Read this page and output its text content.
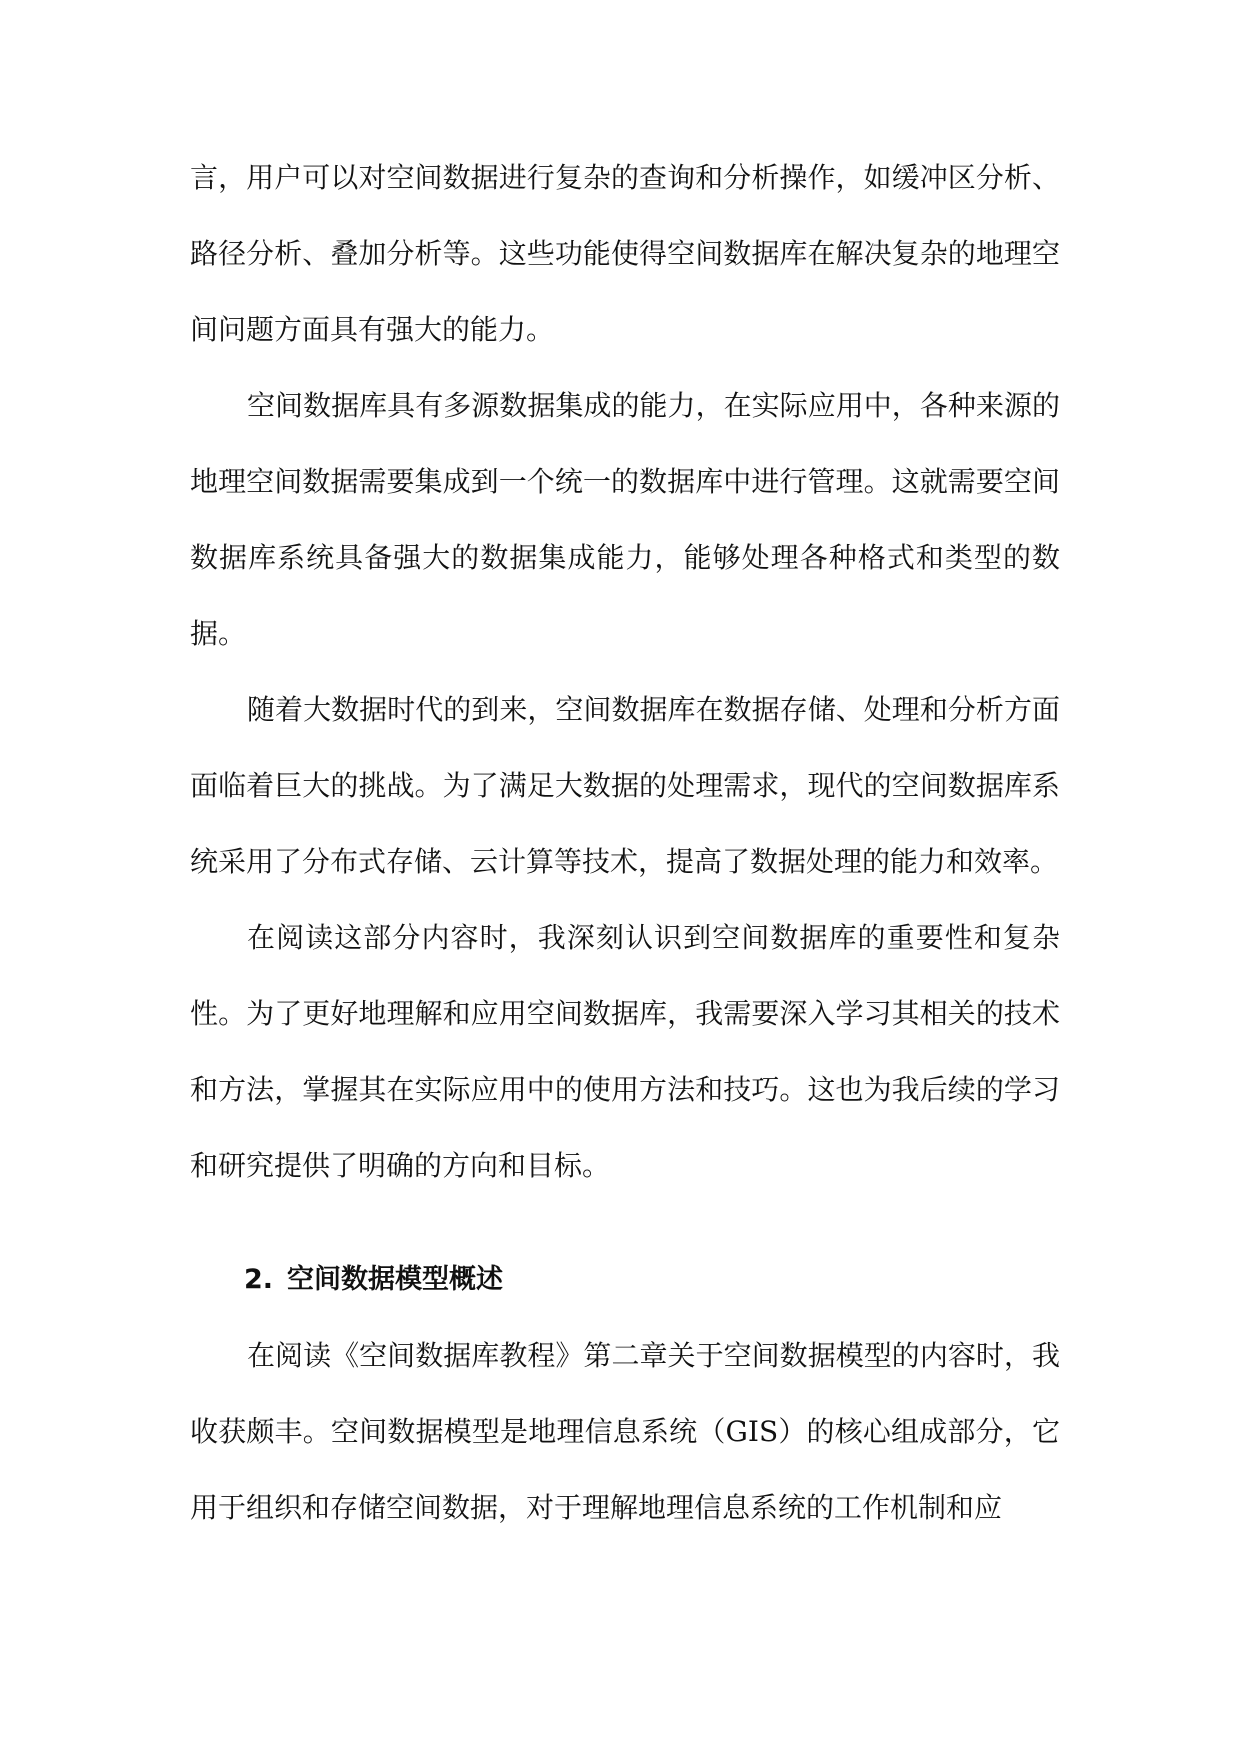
言，用户可以对空间数据进行复杂的查询和分析操作，如缓冲区分析、路径分析、叠加分析等。这些功能使得空间数据库在解决复杂的地理空间问题方面具有强大的能力。

空间数据库具有多源数据集成的能力，在实际应用中，各种来源的地理空间数据需要集成到一个统一的数据库中进行管理。这就需要空间数据库系统具备强大的数据集成能力，能够处理各种格式和类型的数据。

随着大数据时代的到来，空间数据库在数据存储、处理和分析方面面临着巨大的挑战。为了满足大数据的处理需求，现代的空间数据库系统采用了分布式存储、云计算等技术，提高了数据处理的能力和效率。

在阅读这部分内容时，我深刻认识到空间数据库的重要性和复杂性。为了更好地理解和应用空间数据库，我需要深入学习其相关的技术和方法，掌握其在实际应用中的使用方法和技巧。这也为我后续的学习和研究提供了明确的方向和目标。

2. 空间数据模型概述

在阅读《空间数据库教程》第二章关于空间数据模型的内容时，我收获颇丰。空间数据模型是地理信息系统（GIS）的核心组成部分，它用于组织和存储空间数据，对于理解地理信息系统的工作机制和应
